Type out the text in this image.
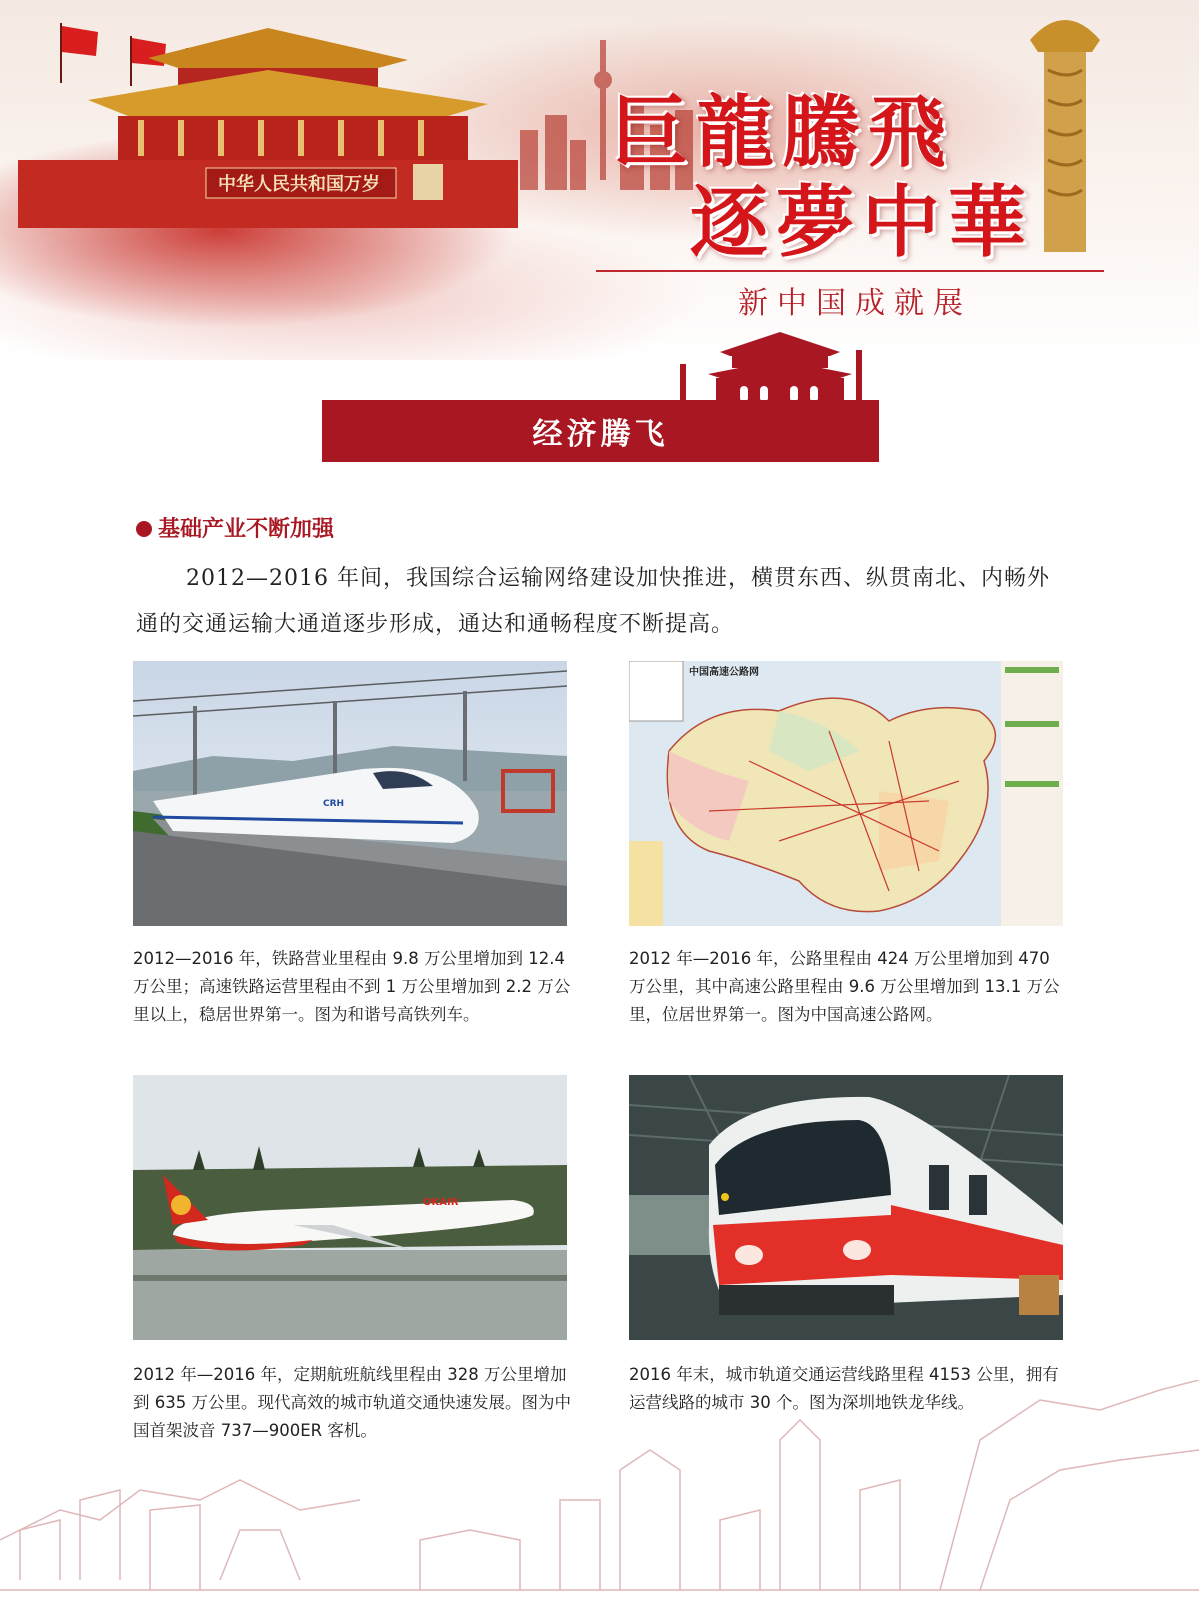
中华人民共和国万岁
巨龍騰飛
逐夢中華
新中国成就展
经济腾飞
基础产业不断加强
2012—2016 年间，我国综合运输网络建设加快推进，横贯东西、纵贯南北、内畅外通的交通运输大通道逐步形成，通达和通畅程度不断提高。
CRH
2012—2016 年，铁路营业里程由 9.8 万公里增加到 12.4 万公里；高速铁路运营里程由不到 1 万公里增加到 2.2 万公里以上，稳居世界第一。图为和谐号高铁列车。
中国高速公路网
2012 年—2016 年，公路里程由 424 万公里增加到 470 万公里，其中高速公路里程由 9.6 万公里增加到 13.1 万公里，位居世界第一。图为中国高速公路网。
OKAIR
2012 年—2016 年，定期航班航线里程由 328 万公里增加到 635 万公里。现代高效的城市轨道交通快速发展。图为中国首架波音 737—900ER 客机。
2016 年末，城市轨道交通运营线路里程 4153 公里，拥有运营线路的城市 30 个。图为深圳地铁龙华线。
